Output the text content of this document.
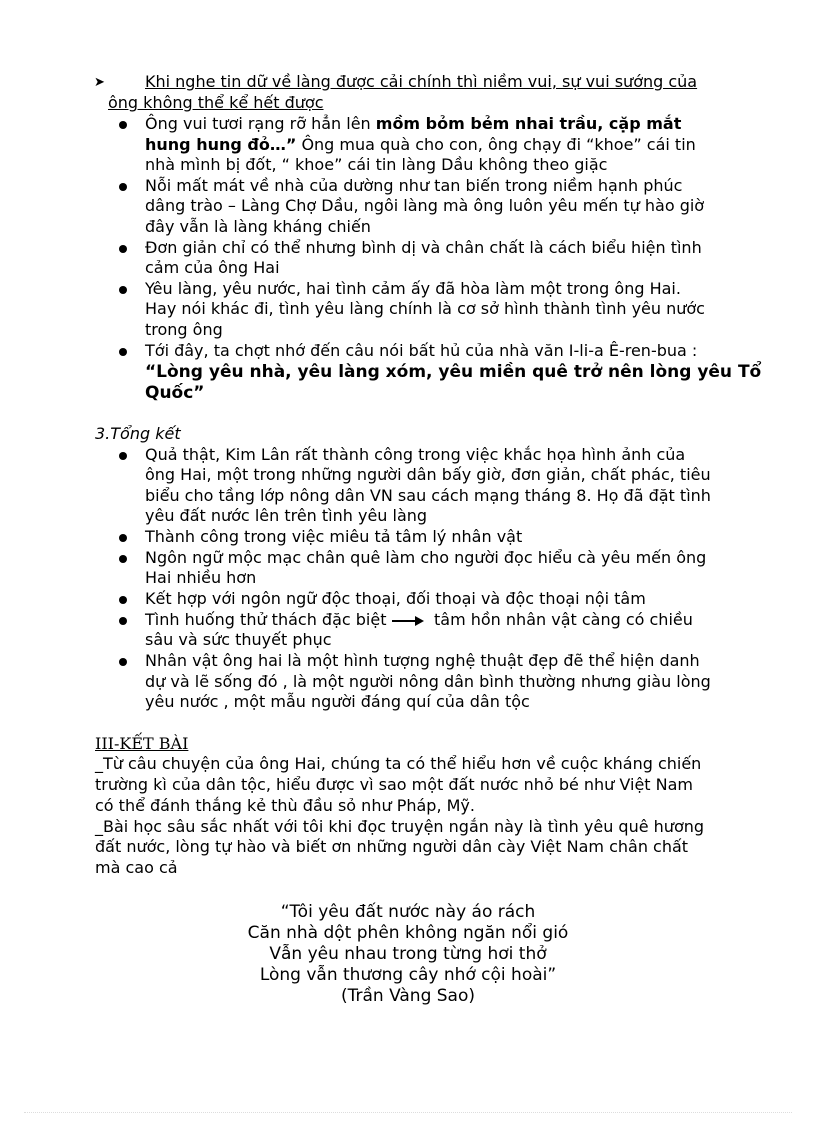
➤	Khi nghe tin dữ về làng được cải chính thì niềm vui, sự vui sướng của
ông không thể kể hết được
Ông vui tươi rạng rỡ hẳn lên mồm bỏm bẻm nhai trầu, cặp mắt
hung hung đỏ…” Ông mua quà cho con, ông chạy đi “khoe” cái tin
nhà mình bị đốt, “ khoe” cái tin làng Dầu không theo giặc
Nỗi mất mát về nhà của dường như tan biến trong niềm hạnh phúc
dâng trào – Làng Chợ Dầu, ngôi làng mà ông luôn yêu mến tự hào giờ
đây vẫn là làng kháng chiến
Đơn giản chỉ có thể nhưng bình dị và chân chất là cách biểu hiện tình
cảm của ông Hai
Yêu làng, yêu nước, hai tình cảm ấy đã hòa làm một trong ông Hai.
Hay nói khác đi, tình yêu làng chính là cơ sở hình thành tình yêu nước
trong ông
Tới đây, ta chợt nhớ đến câu nói bất hủ của nhà văn I-li-a Ê-ren-bua :
“Lòng yêu nhà, yêu làng xóm, yêu miền quê trở nên lòng yêu Tổ
Quốc”
3.Tổng kết
Quả thật, Kim Lân rất thành công trong việc khắc họa hình ảnh của
ông Hai, một trong những người dân bấy giờ, đơn giản, chất phác, tiêu
biểu cho tầng lớp nông dân VN sau cách mạng tháng 8. Họ đã đặt tình
yêu đất nước lên trên tình yêu làng
Thành công trong việc miêu tả tâm lý nhân vật
Ngôn ngữ mộc mạc chân quê làm cho người đọc hiểu cà yêu mến ông
Hai nhiều hơn
Kết hợp với ngôn ngữ độc thoại, đối thoại và độc thoại nội tâm
Tình huống thử thách đặc biệt	tâm hồn nhân vật càng có chiều
sâu và sức thuyết phục
Nhân vật ông hai là một hình tượng nghệ thuật đẹp đẽ thể hiện danh
dự và lẽ sống đó , là một người nông dân bình thường nhưng giàu lòng
yêu nước , một mẫu người đáng quí của dân tộc
III-KẾT BÀI
_Từ câu chuyện của ông Hai, chúng ta có thể hiểu hơn về cuộc kháng chiến
trường kì của dân tộc, hiểu được vì sao một đất nước nhỏ bé như Việt Nam
có thể đánh thắng kẻ thù đầu sỏ như Pháp, Mỹ.
_Bài học sâu sắc nhất với tôi khi đọc truyện ngắn này là tình yêu quê hương
đất nước, lòng tự hào và biết ơn những người dân cày Việt Nam chân chất
mà cao cả
“Tôi yêu đất nước này áo rách
Căn nhà dột phên không ngăn nổi gió
Vẫn yêu nhau trong từng hơi thở
Lòng vẫn thương cây nhớ cội hoài”
(Trần Vàng Sao)
